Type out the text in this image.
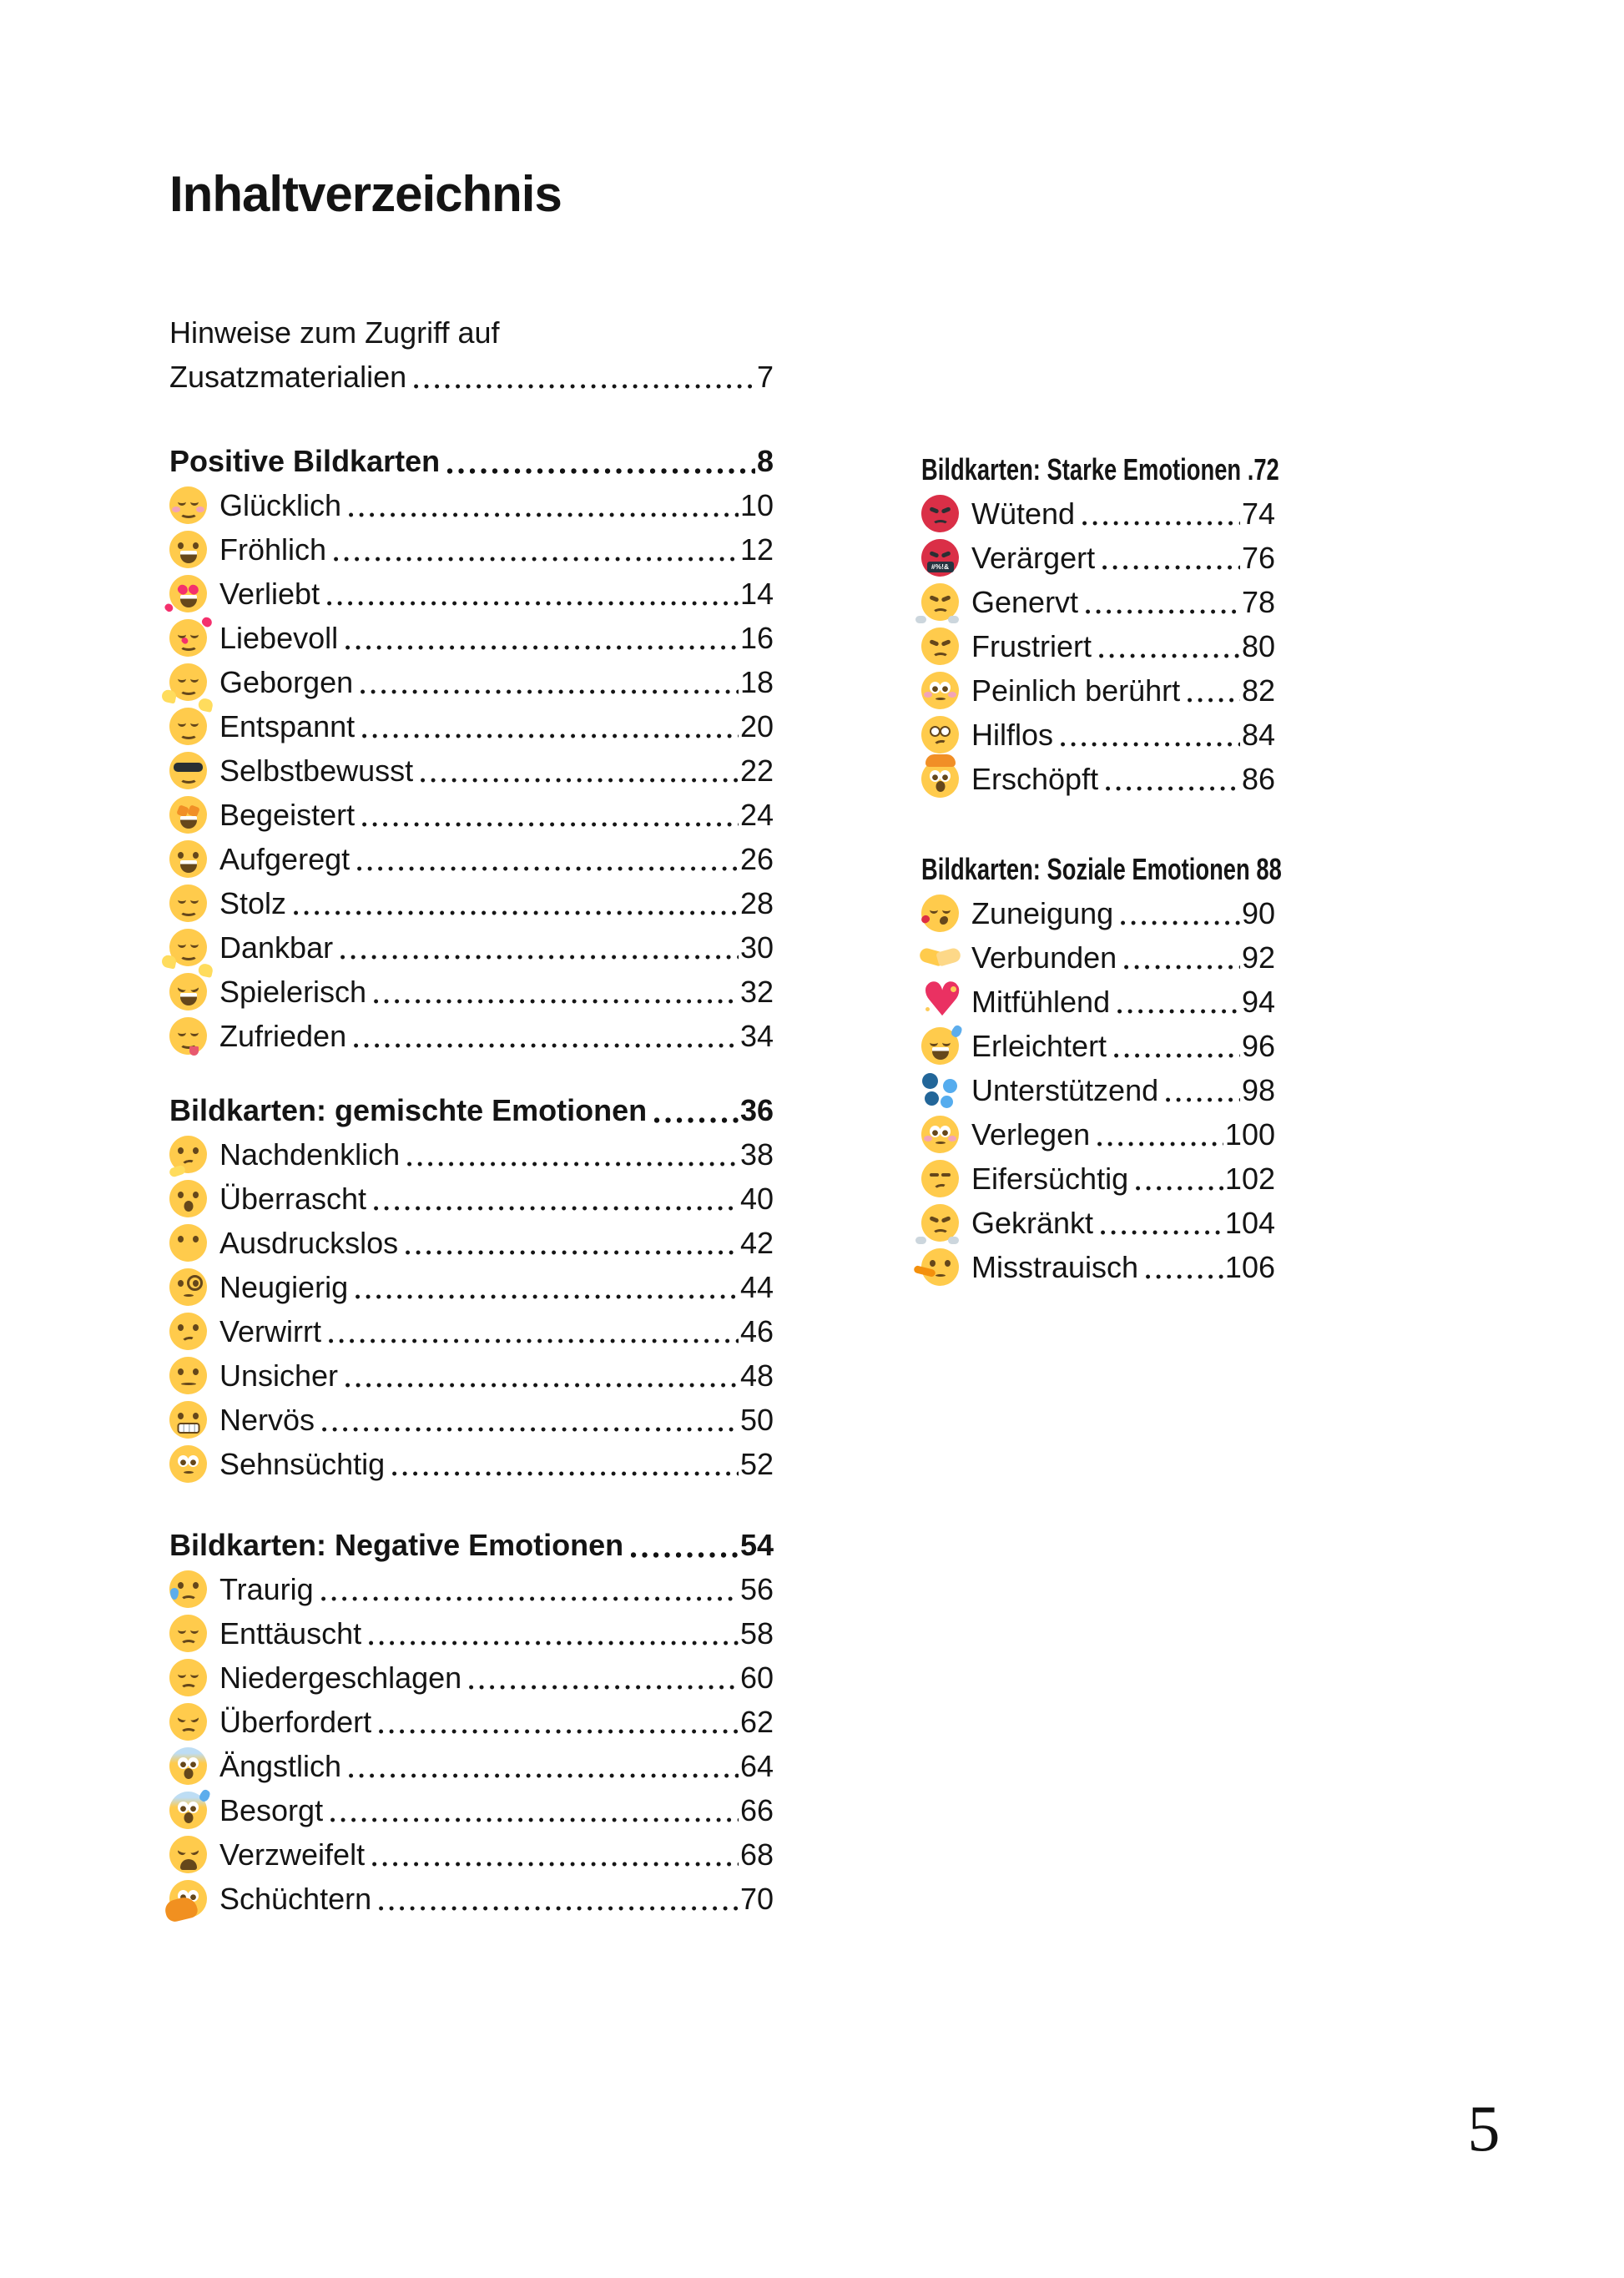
Inhaltverzeichnis
Hinweise zum Zugriff auf
Zusatzmaterialien	7
Positive Bildkarten	8
Glücklich	10
Fröhlich	12
Verliebt	14
Liebevoll	16
Geborgen	18
Entspannt	20
Selbstbewusst	22
Begeistert	24
Aufgeregt	26
Stolz	28
Dankbar	30
Spielerisch	32
Zufrieden	34
Bildkarten: gemischte Emotionen	36
Nachdenklich	38
Überrascht	40
Ausdruckslos	42
Neugierig	44
Verwirrt	46
Unsicher	48
Nervös	50
Sehnsüchtig	52
Bildkarten: Negative Emotionen	54
Traurig	56
Enttäuscht	58
Niedergeschlagen	60
Überfordert	62
Ängstlich	64
Besorgt	66
Verzweifelt	68
Schüchtern	70
Bildkarten: Starke Emotionen .72
Wütend	74
#%!&
Verärgert	76
Genervt	78
Frustriert	80
Peinlich berührt 82
Hilflos	84
Erschöpft	86
Bildkarten: Soziale Emotionen 88
Zuneigung	90
Verbunden	92
♥
Mitfühlend	94
Erleichtert	96
Unterstützend	98
Verlegen	100
Eifersüchtig	102
Gekränkt	104
Misstrauisch	106
5
